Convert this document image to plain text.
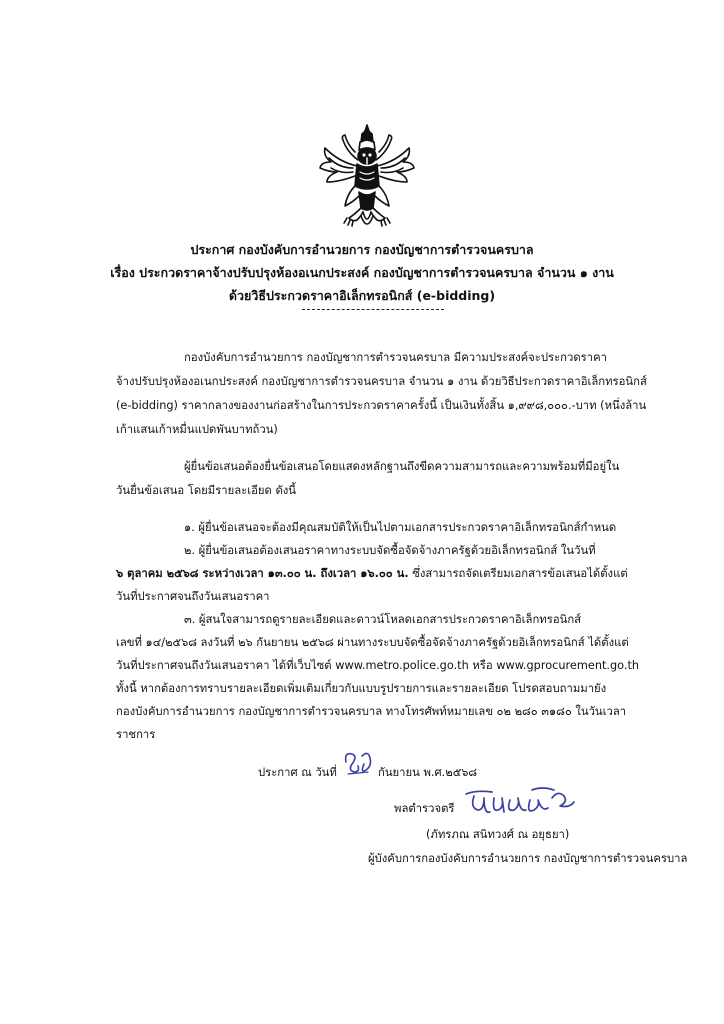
ประกาศ กองบังคับการอำนวยการ กองบัญชาการตำรวจนครบาล
เรื่อง ประกวดราคาจ้างปรับปรุงห้องอเนกประสงค์ กองบัญชาการตำรวจนครบาล จำนวน ๑ งาน
ด้วยวิธีประกวดราคาอิเล็กทรอนิกส์ (e-bidding)
กองบังคับการอำนวยการ กองบัญชาการตำรวจนครบาล มีความประสงค์จะประกวดราคา
จ้างปรับปรุงห้องอเนกประสงค์ กองบัญชาการตำรวจนครบาล จำนวน ๑ งาน ด้วยวิธีประกวดราคาอิเล็กทรอนิกส์
(e-bidding) ราคากลางของงานก่อสร้างในการประกวดราคาครั้งนี้ เป็นเงินทั้งสิ้น ๑,๙๙๘,๐๐๐.-บาท (หนึ่งล้าน
เก้าแสนเก้าหมื่นแปดพันบาทถ้วน)
ผู้ยื่นข้อเสนอต้องยื่นข้อเสนอโดยแสดงหลักฐานถึงขีดความสามารถและความพร้อมที่มีอยู่ใน
วันยื่นข้อเสนอ โดยมีรายละเอียด ดังนี้
๑. ผู้ยื่นข้อเสนอจะต้องมีคุณสมบัติให้เป็นไปตามเอกสารประกวดราคาอิเล็กทรอนิกส์กำหนด
๒. ผู้ยื่นข้อเสนอต้องเสนอราคาทางระบบจัดซื้อจัดจ้างภาครัฐด้วยอิเล็กทรอนิกส์ ในวันที่
๖ ตุลาคม ๒๕๖๘ ระหว่างเวลา ๑๓.๐๐ น. ถึงเวลา ๑๖.๐๐ น. ซึ่งสามารถจัดเตรียมเอกสารข้อเสนอได้ตั้งแต่
วันที่ประกาศจนถึงวันเสนอราคา
๓. ผู้สนใจสามารถดูรายละเอียดและดาวน์โหลดเอกสารประกวดราคาอิเล็กทรอนิกส์
เลขที่ ๑๔/๒๕๖๘ ลงวันที่ ๒๖ กันยายน ๒๕๖๘ ผ่านทางระบบจัดซื้อจัดจ้างภาครัฐด้วยอิเล็กทรอนิกส์ ได้ตั้งแต่
วันที่ประกาศจนถึงวันเสนอราคา ได้ที่เว็บไซต์ www.metro.police.go.th หรือ www.gprocurement.go.th
ทั้งนี้ หากต้องการทราบรายละเอียดเพิ่มเติมเกี่ยวกับแบบรูปรายการและรายละเอียด โปรดสอบถามมายัง
กองบังคับการอำนวยการ กองบัญชาการตำรวจนครบาล ทางโทรศัพท์หมายเลข ๐๒ ๒๘๐ ๓๑๘๐ ในวันเวลา
ราชการ
ประกาศ ณ วันที่	กันยายน พ.ศ.๒๕๖๘
พลตำรวจตรี
(ภัทรภณ สนิทวงศ์ ณ อยุธยา)
ผู้บังคับการกองบังคับการอำนวยการ กองบัญชาการตำรวจนครบาล
